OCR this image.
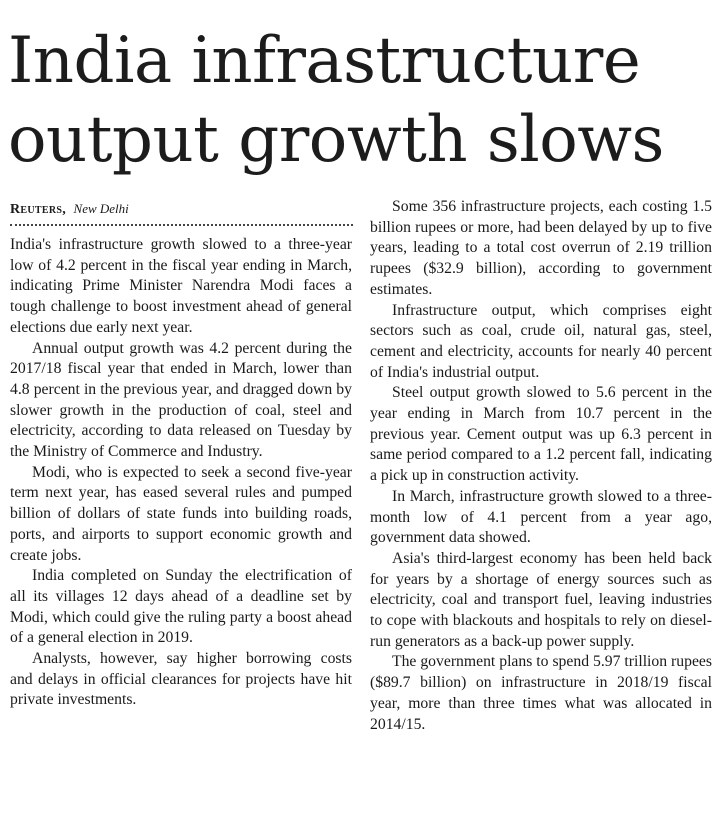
India infrastructure
output growth slows
Reuters, New Delhi

India's infrastructure growth slowed to a three-year low of 4.2 percent in the fiscal year ending in March, indicating Prime Minister Narendra Modi faces a tough challenge to boost investment ahead of general elections due early next year.

Annual output growth was 4.2 percent during the 2017/18 fiscal year that ended in March, lower than 4.8 percent in the previous year, and dragged down by slower growth in the production of coal, steel and electricity, according to data released on Tuesday by the Ministry of Commerce and Industry.

Modi, who is expected to seek a second five-year term next year, has eased several rules and pumped billion of dollars of state funds into building roads, ports, and airports to support economic growth and create jobs.

India completed on Sunday the electrification of all its villages 12 days ahead of a deadline set by Modi, which could give the ruling party a boost ahead of a general election in 2019.

Analysts, however, say higher borrowing costs and delays in official clearances for projects have hit private investments.

Some 356 infrastructure projects, each costing 1.5 billion rupees or more, had been delayed by up to five years, leading to a total cost overrun of 2.19 trillion rupees ($32.9 billion), according to government estimates.

Infrastructure output, which comprises eight sectors such as coal, crude oil, natural gas, steel, cement and electricity, accounts for nearly 40 percent of India's industrial output.

Steel output growth slowed to 5.6 percent in the year ending in March from 10.7 percent in the previous year. Cement output was up 6.3 percent in same period compared to a 1.2 percent fall, indicating a pick up in construction activity.

In March, infrastructure growth slowed to a three-month low of 4.1 percent from a year ago, government data showed.

Asia's third-largest economy has been held back for years by a shortage of energy sources such as electricity, coal and transport fuel, leaving industries to cope with blackouts and hospitals to rely on diesel-run generators as a back-up power supply.

The government plans to spend 5.97 trillion rupees ($89.7 billion) on infrastructure in 2018/19 fiscal year, more than three times what was allocated in 2014/15.
